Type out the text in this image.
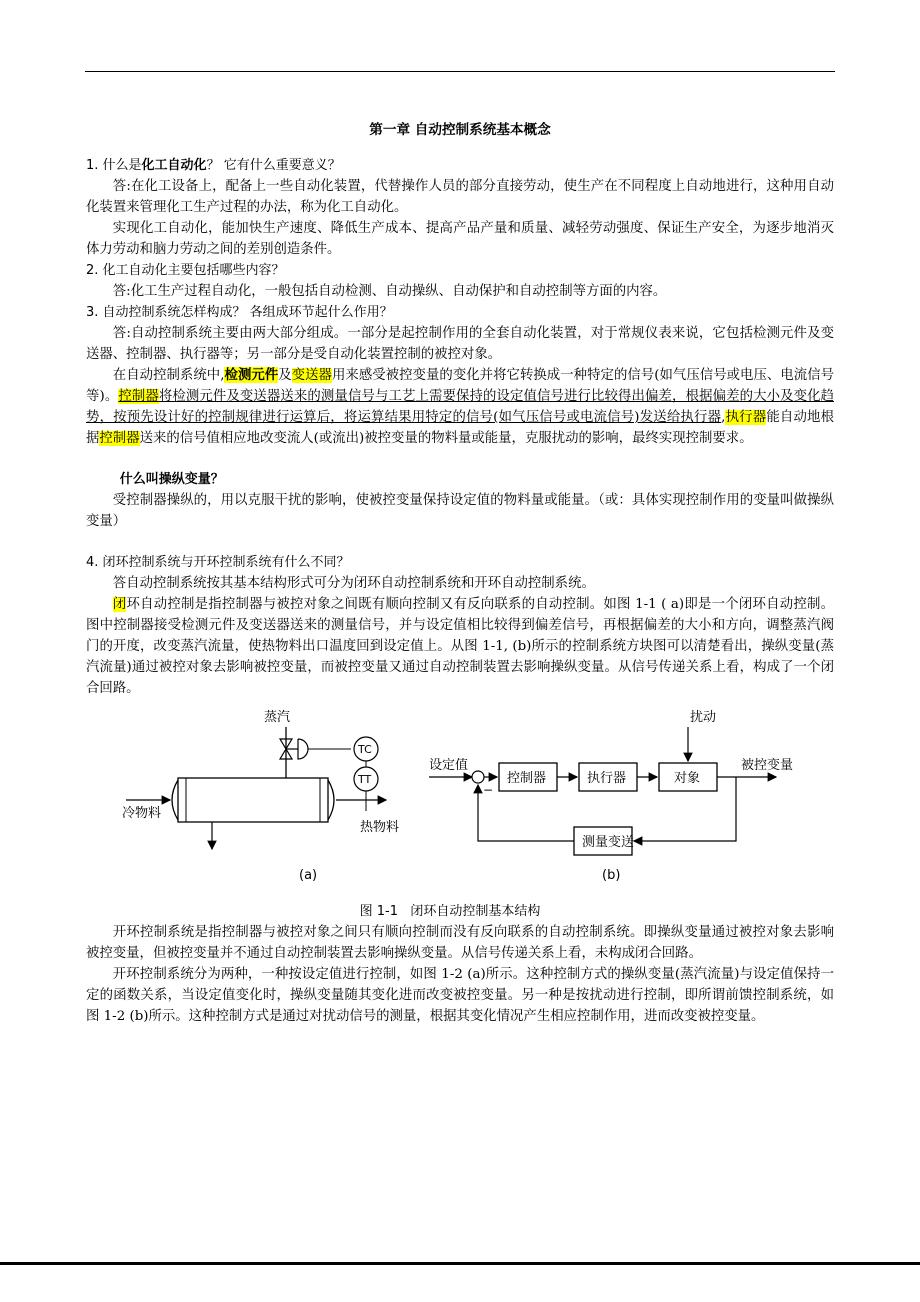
第一章 自动控制系统基本概念
1. 什么是化工自动化？ 它有什么重要意义？
答:在化工设备上，配备上一些自动化装置，代替操作人员的部分直接劳动，使生产在不同程度上自动地进行，这种用自动化装置来管理化工生产过程的办法，称为化工自动化。
实现化工自动化，能加快生产速度、降低生产成本、提高产品产量和质量、减轻劳动强度、保证生产安全，为逐步地消灭体力劳动和脑力劳动之间的差别创造条件。
2. 化工自动化主要包括哪些内容？
答:化工生产过程自动化，一般包括自动检测、自动操纵、自动保护和自动控制等方面的内容。
3. 自动控制系统怎样构成？ 各组成环节起什么作用？
答:自动控制系统主要由两大部分组成。一部分是起控制作用的全套自动化装置，对于常规仪表来说，它包括检测元件及变送器、控制器、执行器等；另一部分是受自动化装置控制的被控对象。
在自动控制系统中,检测元件及变送器用来感受被控变量的变化并将它转换成一种特定的信号(如气压信号或电压、电流信号等)。控制器将检测元件及变送器送来的测量信号与工艺上需要保持的设定值信号进行比较得出偏差，根据偏差的大小及变化趋势，按预先设计好的控制规律进行运算后，将运算结果用特定的信号(如气压信号或电流信号)发送给执行器,执行器能自动地根据控制器送来的信号值相应地改变流人(或流出)被控变量的物料量或能量，克服扰动的影响，最终实现控制要求。
什么叫操纵变量？
受控制器操纵的，用以克服干扰的影响，使被控变量保持设定值的物料量或能量。（或：具体实现控制作用的变量叫做操纵变量）
4. 闭环控制系统与开环控制系统有什么不同？
答自动控制系统按其基本结构形式可分为闭环自动控制系统和开环自动控制系统。
闭环自动控制是指控制器与被控对象之间既有顺向控制又有反向联系的自动控制。如图 1-1 ( a)即是一个闭环自动控制。图中控制器接受检测元件及变送器送来的测量信号，并与设定值相比较得到偏差信号，再根据偏差的大小和方向，调整蒸汽阀门的开度，改变蒸汽流量，使热物料出口温度回到设定值上。从图 1-1, (b)所示的控制系统方块图可以清楚看出，操纵变量(蒸汽流量)通过被控对象去影响被控变量，而被控变量又通过自动控制装置去影响操纵变量。从信号传递关系上看，构成了一个闭合回路。
蒸汽
TC
TT
冷物料
热物料
(a)
设定值
−
控制器	执行器	对象
扰动
被控变量
测量变送
(b)
图 1-1 闭环自动控制基本结构
开环控制系统是指控制器与被控对象之间只有顺向控制而没有反向联系的自动控制系统。即操纵变量通过被控对象去影响被控变量，但被控变量并不通过自动控制装置去影响操纵变量。从信号传递关系上看，未构成闭合回路。
开环控制系统分为两种，一种按设定值进行控制，如图 1-2 (a)所示。这种控制方式的操纵变量(蒸汽流量)与设定值保持一定的函数关系，当设定值变化时，操纵变量随其变化进而改变被控变量。另一种是按扰动进行控制，即所谓前馈控制系统，如图 1-2 (b)所示。这种控制方式是通过对扰动信号的测量，根据其变化情况产生相应控制作用，进而改变被控变量。
